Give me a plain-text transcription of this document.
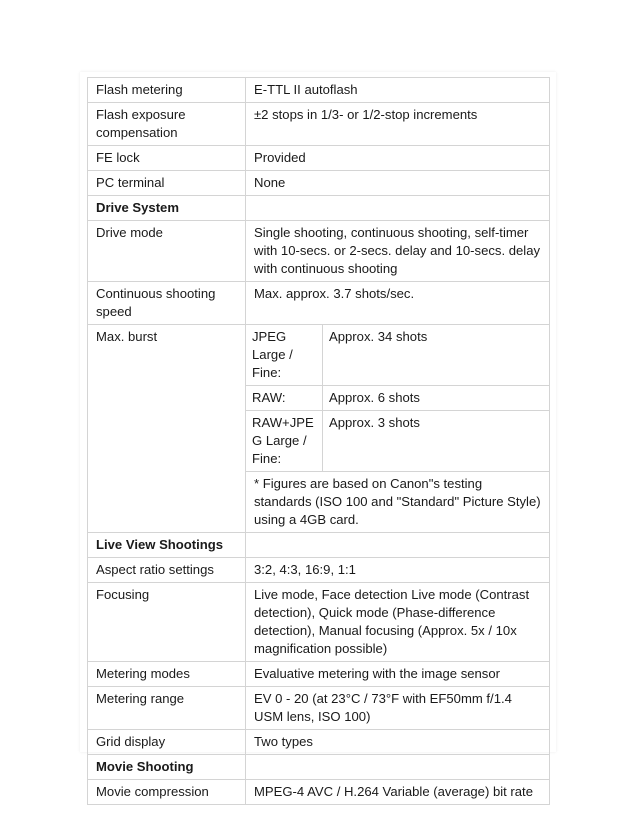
Flash metering	E-TTL II autoflash
Flash exposure compensation	±2 stops in 1/3- or 1/2-stop increments
FE lock	Provided
PC terminal	None
Drive System	
Drive mode	Single shooting, continuous shooting, self-timer with 10-secs. or 2-secs. delay and 10-secs. delay with continuous shooting
Continuous shooting speed	Max. approx. 3.7 shots/sec.
Max. burst		JPEG Large / Fine:	Approx. 34 shots
RAW:	Approx. 6 shots
RAW+JPEG Large / Fine:	Approx. 3 shots
* Figures are based on Canon"s testing standards (ISO 100 and "Standard" Picture Style) using a 4GB card.

Live View Shootings	
Aspect ratio settings	3:2, 4:3, 16:9, 1:1
Focusing	Live mode, Face detection Live mode (Contrast detection), Quick mode (Phase-difference detection), Manual focusing (Approx. 5x / 10x magnification possible)
Metering modes	Evaluative metering with the image sensor
Metering range	EV 0 - 20 (at 23°C / 73°F with EF50mm f/1.4 USM lens, ISO 100)
Grid display	Two types
Movie Shooting	
Movie compression	MPEG-4 AVC / H.264 Variable (average) bit rate
